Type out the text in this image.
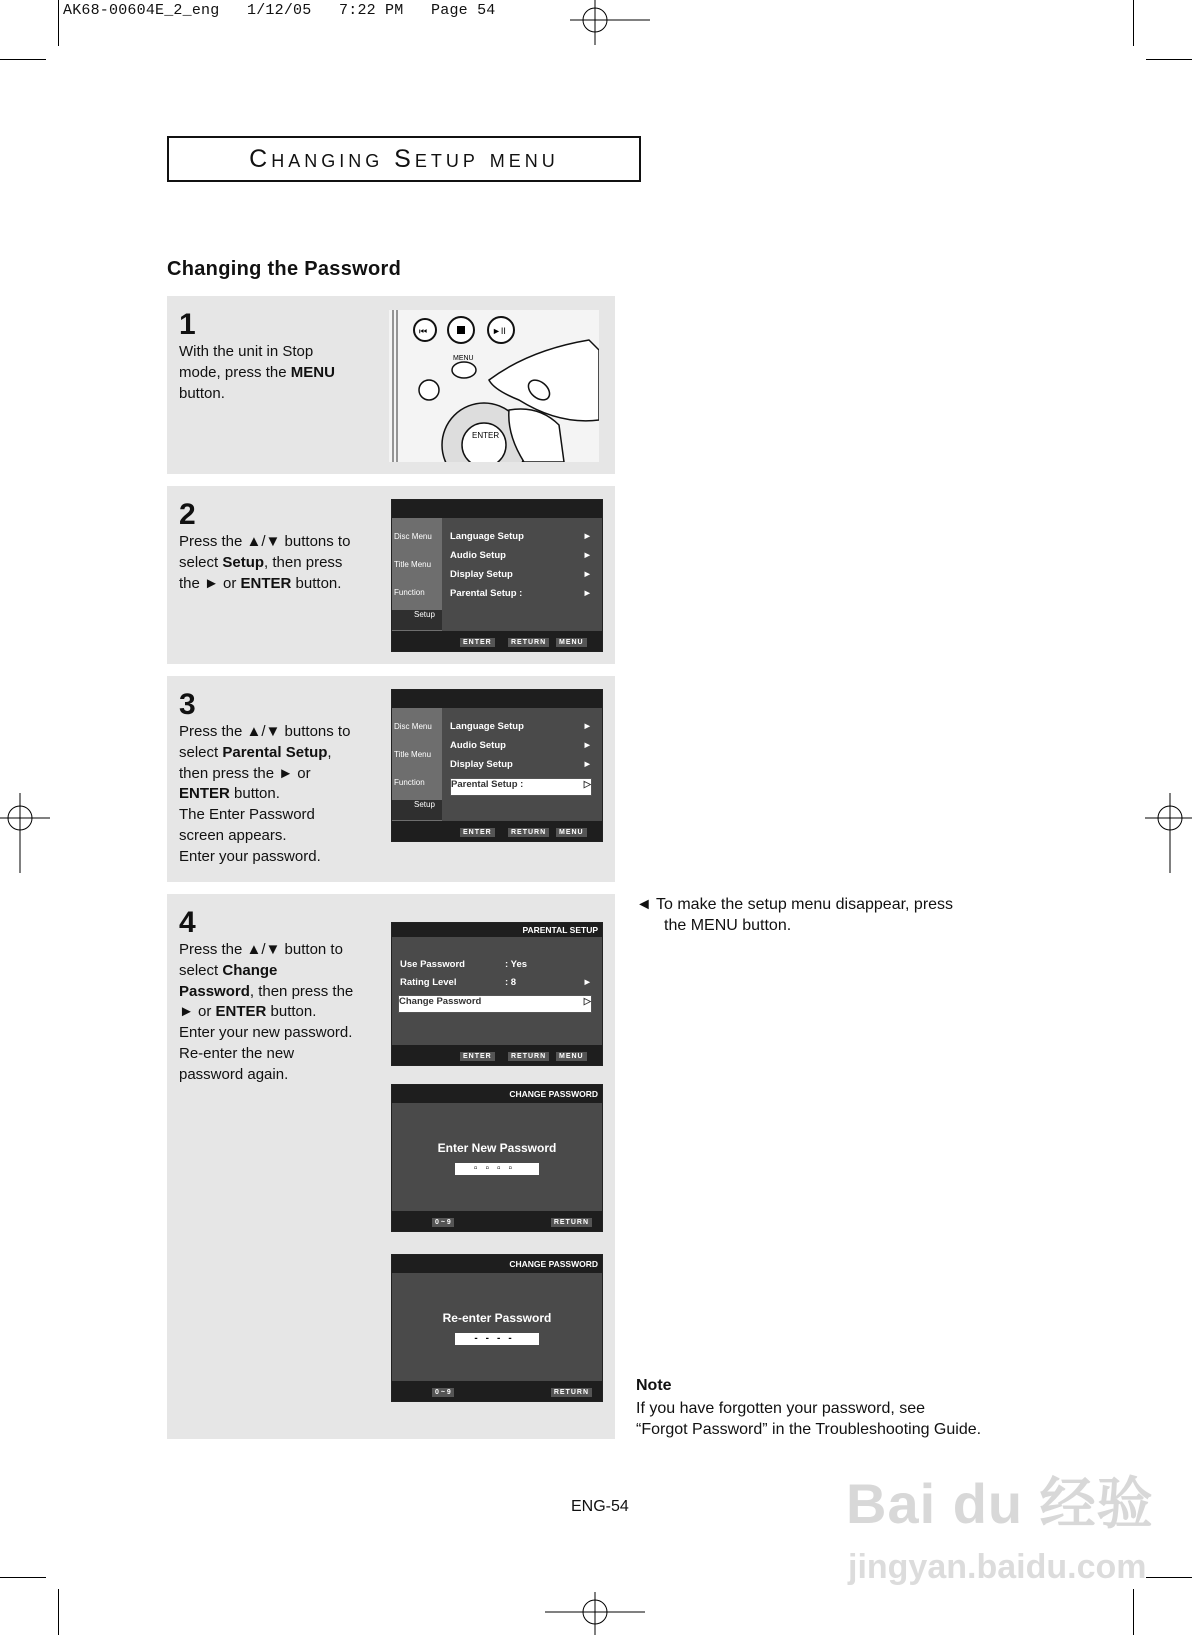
AK68-00604E_2_eng   1/12/05   7:22 PM   Page 54
Changing Setup menu
Changing the Password
1
With the unit in Stop
mode, press the MENU
button.
⏮	►II
MENU
ENTER
2
Press the ▲/▼ buttons to
select Setup, then press
the ► or ENTER button.
Disc Menu
Title Menu
Function
Setup
Language Setup	►
Audio Setup	►
Display Setup	►
Parental Setup :	►
ENTER	RETURN	MENU
3
Press the ▲/▼ buttons to
select Parental Setup,
then press the ► or
ENTER button.
The Enter Password
screen appears.
Enter your password.
Disc Menu
Title Menu
Function
Setup
Language Setup	►
Audio Setup	►
Display Setup	►
Parental Setup :	▷
ENTER	RETURN	MENU
4
Press the ▲/▼ button to
select Change
Password, then press the
► or ENTER button.
Enter your new password.
Re-enter the new
password again.
PARENTAL SETUP
Use Password	: Yes
Rating Level	: 8	►
Change Password	▷
ENTER	RETURN	MENU
CHANGE PASSWORD
Enter New Password
▫▫▫▫
0 ~ 9	RETURN
CHANGE PASSWORD
Re-enter Password
----
0 ~ 9	RETURN
◄ To make the setup menu disappear, press
the MENU button.
Note
If you have forgotten your password, see
“Forgot Password” in the Troubleshooting Guide.
ENG-54	Bai du 经验
jingyan.baidu.com
